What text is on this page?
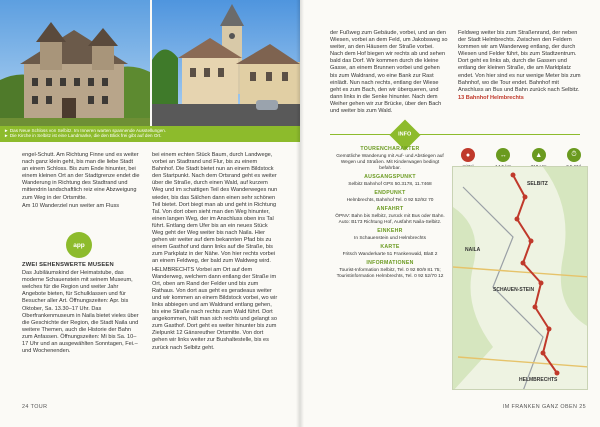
► Das Neue Schloss von Selbitz. Im Inneren warten spannende Ausstellungen.
► Die Kirche in Selbitz ist eine Landmarke, die den Blick frei gibt auf den Ort.

engel-Schutt. Am Richtung Finne und es weiter nach ganz klein geht, bis man die liebe Stadt an einem Schloss. Bis zum Ende hinunter, bei einem kleinen Ort an der Stadtgrenze endet die Wanderung in Richtung des Stadtrand und mittendrin landschaftlich reiz eine Abzweigung zum Weg in der Ortsmitte.

Am 10 Wanderziel nun weiter am Fluss

app

ZWEI SEHENSWERTE MUSEEN

Das Jubiläumskind der Heimatstube, das moderne Schauenstein mit seinem Museum, welches für die Region und weiter Jahr Angebote bieten, für Schulklassen und für Besucher aller Art. Öffnungszeiten: Apr. bis Oktober, Sa. 13.30–17 Uhr. Das Oberfrankenmuseum in Naila bietet vieles über die Geschichte der Region, die Stadt Naila und weitere Themen, auch die Historie der Bahn zum Anfassen. Öffnungszeiten: Mi bis Sa. 10–17 Uhr und an ausgewählten Sonntagen, Fei.– und Wochenenden.

bei einem echten Stück Baum, durch Landwege, vorbei an Stadtrand und Flur, bis zu einem Bahnhof. Die Stadt bietet nun an einem Bildstock den Startpunkt. Nach dem Ortsrand geht es weiter über die Straße, durch einen Wald, auf kurzem Weg und im schattigen Teil des Wanderweges nun wieder, bis das Sälchen dann einen sehr schönen Teil bietet. Dort biegt man ab und geht in Richtung Tal. Von dort oben sieht man den Weg hinunter, einen langen Weg, der im Anschluss oben ins Tal führt. Entlang dem Ufer bis an ein neues Stück Weg geht der Weg weiter bis nach Naila. Hier gehen wir weiter auf dem bekannten Pfad bis zu einem Gasthof und dann links auf die Straße, bis zum Parkplatz in der Nähe. Von hier rechts vorbei an einem Feldweg, der bald zum Waldweg wird.

HELMBRECHTS Vorbei am Ort auf dem Wanderweg, welchem dann entlang der Straße im Ort, oben am Rand der Felder und bis zum Rathaus. Von dort aus geht es geradeaus weiter und wir kommen an einem Bildstock vorbei, wo wir links abbiegen und am Waldrand entlang gehen, bis eine Straße nach rechts zum Wald führt. Dort angekommen, hält man sich rechts und gelangt so zum Gasthof. Dort geht es weiter hinunter bis zum Zielpunkt 12 Gänsreuther Ortsmitte. Von dort gehen wir links weiter zur Bushaltestelle, bis es zurück nach Selbitz geht.

24 TOUR

der Fußweg zum Gebäude, vorbei, und an den Wiesen, vorbei an dem Feld, um Jakobsweg so weiter, an den Häusern der Straße vorbei. Nach dem Hof biegen wir rechts ab und sehen bald das Dorf. Wir kommen durch die kleine Gasse, an einem Brunnen vorbei und gehen bis zum Waldrand, wo eine Bank zur Rast einlädt. Nun nach rechts, entlang der Wiese geht es zum Bach, den wir überqueren, und dann links in die Senke hinunter. Nach dem Weiher gehen wir zur Brücke, über den Bach und weiter bis zum Wald.

Feldweg weiter bis zum Straßenrand, der neben der Stadt Helmbrechts. Zwischen den Feldern kommen wir am Wanderweg entlang, der durch Wiesen und Felder führt, bis zum Stadtzentrum. Dort geht es links ab, durch die Gassen und entlang der kleinen Straße, die am Marktplatz endet. Von hier sind es nur wenige Meter bis zum Bahnhof, wo die Tour endet. Bahnhof mit Anschluss an Bus und Bahn zurück nach Selbitz.

13 Bahnhof Helmbrechts

INFO

TOURENCHARAKTER

Gemütliche Wanderung mit Auf- und Abstiegen auf Wegen und Straßen. Mit Kinderwagen bedingt befahrbar.

AUSGANGSPUNKT

Selbitz Bahnhof GPS 50.3178, 11.7468

ENDPUNKT

Helmbrechts, Bahnhof Tel. 0 92 52/92 70

ANFAHRT

ÖPNV: Bahn bis Selbitz, zurück mit Bus oder Bahn. Auto: B173 Richtung Hof, Ausfahrt Naila-Selbitz.

EINKEHR

In Schauenstein und Helmbrechts

KARTE

Fritsch Wanderkarte 51 Frankenwald, Blatt 2

INFORMATIONEN

Tourist-Information Selbitz, Tel. 0 92 80/9 81 75; Touristinformation Helmbrechts, Tel. 0 92 52/70 12

●	↔	▲	⏱
SELBITZ
NAILA
SCHAUEN-STEIN
HELMBRECHTS
IM FRANKEN GANZ OBEN 25
